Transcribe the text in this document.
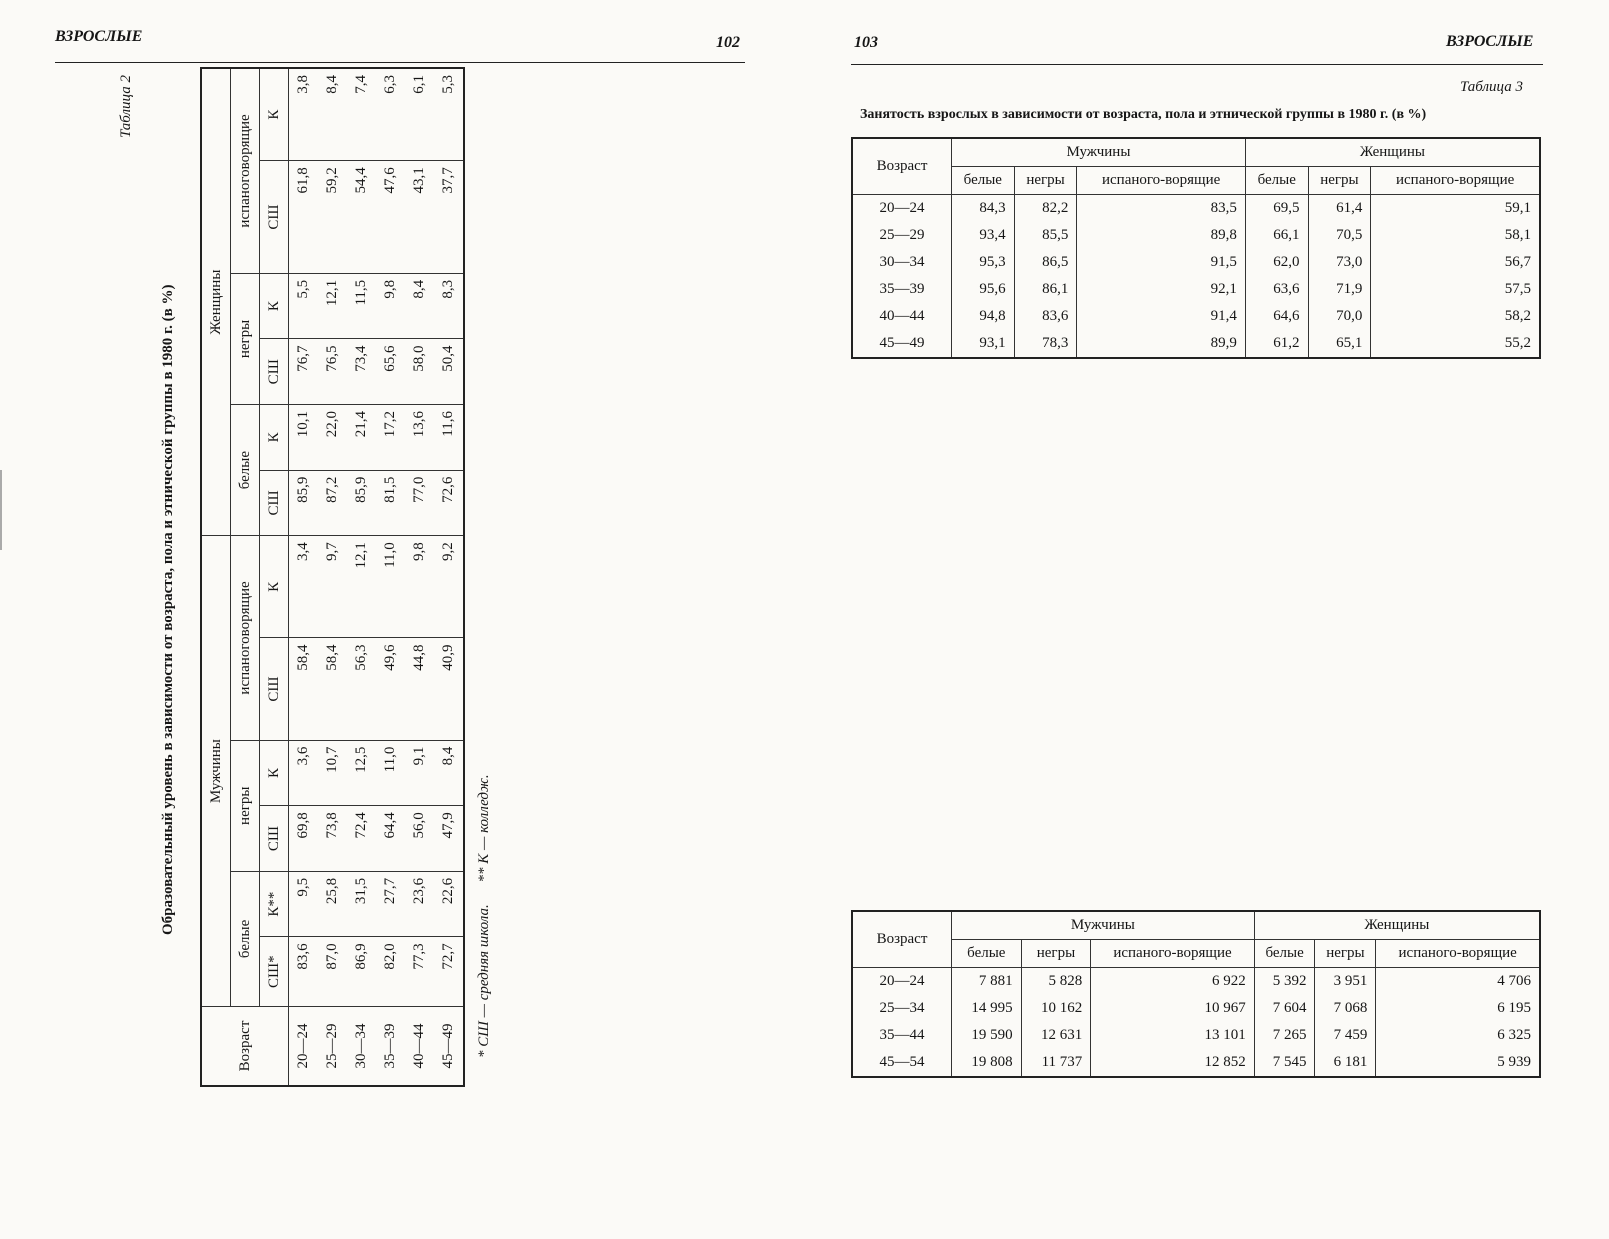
ВЗРОСЛЫЕ	102
Таблица 2
Образовательный уровень в зависимости от возраста, пола и этнической группы в 1980 г. (в %)
Возраст	Мужчины						Женщины					
	белые		негры		испаноговорящие		белые		негры		испаноговорящие	
	СШ*	К**	СШ	К	СШ	К	СШ	К	СШ	К	СШ	К
20—24	83,6	9,5	69,8	3,6	58,4	3,4	85,9	10,1	76,7	5,5	61,8	3,8
25—29	87,0	25,8	73,8	10,7	58,4	9,7	87,2	22,0	76,5	12,1	59,2	8,4
30—34	86,9	31,5	72,4	12,5	56,3	12,1	85,9	21,4	73,4	11,5	54,4	7,4
35—39	82,0	27,7	64,4	11,0	49,6	11,0	81,5	17,2	65,6	9,8	47,6	6,3
40—44	77,3	23,6	56,0	9,1	44,8	9,8	77,0	13,6	58,0	8,4	43,1	6,1
45—49	72,7	22,6	47,9	8,4	40,9	9,2	72,6	11,6	50,4	8,3	37,7	5,3
* СШ — средняя школа. ** К — колледж.
103	ВЗРОСЛЫЕ
Таблица 3
Занятость взрослых в зависимости от возраста, пола и этнической группы в 1980 г. (в %)
Возраст	Мужчины			Женщины		
	белые	негры	испаного-ворящие	белые	негры	испаного-ворящие
20—24	84,3	82,2	83,5	69,5	61,4	59,1
25—29	93,4	85,5	89,8	66,1	70,5	58,1
30—34	95,3	86,5	91,5	62,0	73,0	56,7
35—39	95,6	86,1	92,1	63,6	71,9	57,5
40—44	94,8	83,6	91,4	64,6	70,0	58,2
45—49	93,1	78,3	89,9	61,2	65,1	55,2
Возраст	Мужчины			Женщины		
	белые	негры	испаного-ворящие	белые	негры	испаного-ворящие
20—24	7 881	5 828	6 922	5 392	3 951	4 706
25—34	14 995	10 162	10 967	7 604	7 068	6 195
35—44	19 590	12 631	13 101	7 265	7 459	6 325
45—54	19 808	11 737	12 852	7 545	6 181	5 939
